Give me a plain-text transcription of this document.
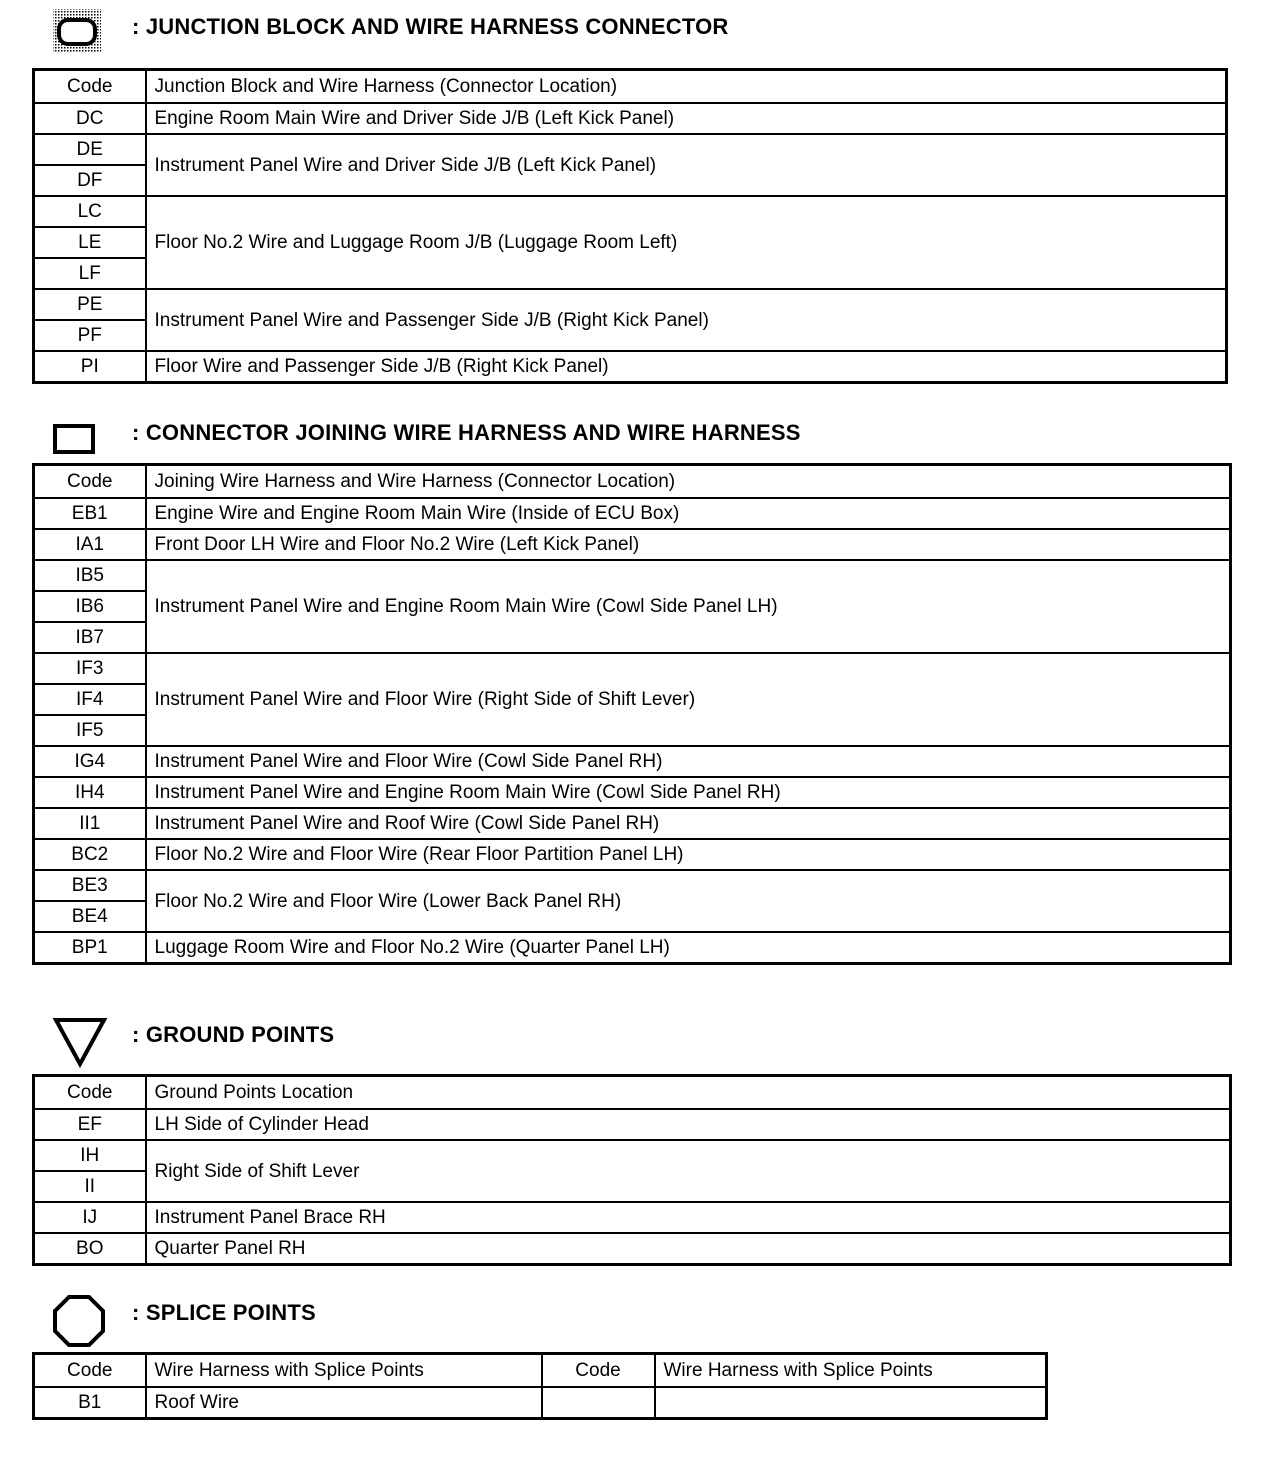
: JUNCTION BLOCK AND WIRE HARNESS CONNECTOR
Code	Junction Block and Wire Harness (Connector Location)
DC	Engine Room Main Wire and Driver Side J/B (Left Kick Panel)
DE	Instrument Panel Wire and Driver Side J/B (Left Kick Panel)
DF	
LC	Floor No.2 Wire and Luggage Room J/B (Luggage Room Left)
LE	
LF	
PE	Instrument Panel Wire and Passenger Side J/B (Right Kick Panel)
PF	
PI	Floor Wire and Passenger Side J/B (Right Kick Panel)
: CONNECTOR JOINING WIRE HARNESS AND WIRE HARNESS
Code	Joining Wire Harness and Wire Harness (Connector Location)
EB1	Engine Wire and Engine Room Main Wire (Inside of ECU Box)
IA1	Front Door LH Wire and Floor No.2 Wire (Left Kick Panel)
IB5	Instrument Panel Wire and Engine Room Main Wire (Cowl Side Panel LH)
IB6	
IB7	
IF3	Instrument Panel Wire and Floor Wire (Right Side of Shift Lever)
IF4	
IF5	
IG4	Instrument Panel Wire and Floor Wire (Cowl Side Panel RH)
IH4	Instrument Panel Wire and Engine Room Main Wire (Cowl Side Panel RH)
II1	Instrument Panel Wire and Roof Wire (Cowl Side Panel RH)
BC2	Floor No.2 Wire and Floor Wire (Rear Floor Partition Panel LH)
BE3	Floor No.2 Wire and Floor Wire (Lower Back Panel RH)
BE4	
BP1	Luggage Room Wire and Floor No.2 Wire (Quarter Panel LH)
: GROUND POINTS
Code	Ground Points Location
EF	LH Side of Cylinder Head
IH	Right Side of Shift Lever
II	
IJ	Instrument Panel Brace RH
BO	Quarter Panel RH
: SPLICE POINTS
Code	Wire Harness with Splice Points	Code	Wire Harness with Splice Points
B1	Roof Wire		
